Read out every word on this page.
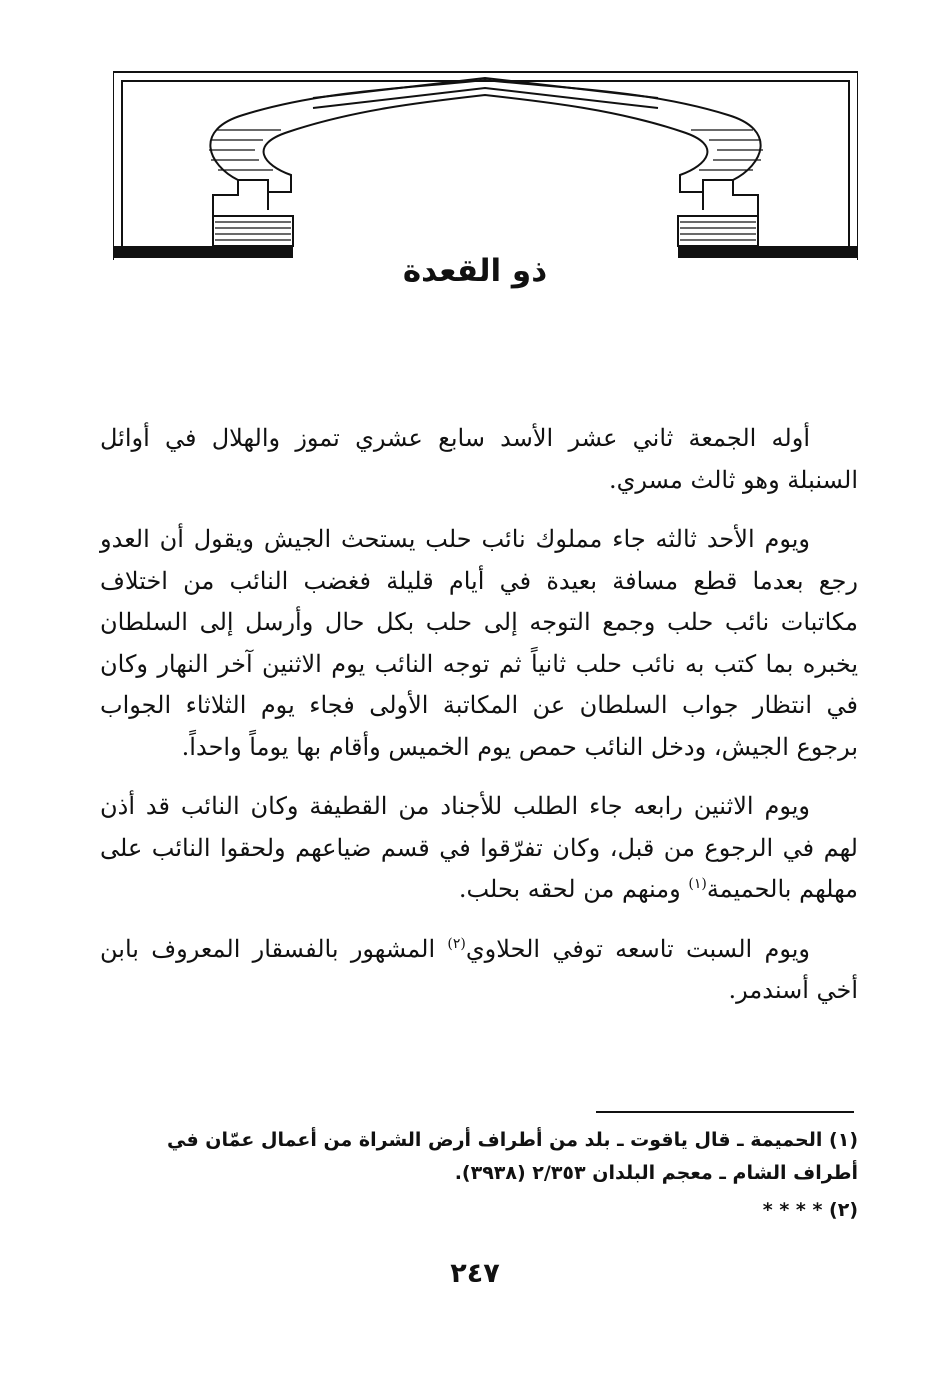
ذو القعدة

أوله الجمعة ثاني عشر الأسد سابع عشري تموز والهلال في أوائل السنبلة وهو ثالث مسري.

ويوم الأحد ثالثه جاء مملوك نائب حلب يستحث الجيش ويقول أن العدو رجع بعدما قطع مسافة بعيدة في أيام قليلة فغضب النائب من اختلاف مكاتبات نائب حلب وجمع التوجه إلى حلب بكل حال وأرسل إلى السلطان يخبره بما كتب به نائب حلب ثانياً ثم توجه النائب يوم الاثنين آخر النهار وكان في انتظار جواب السلطان عن المكاتبة الأولى فجاء يوم الثلاثاء الجواب برجوع الجيش، ودخل النائب حمص يوم الخميس وأقام بها يوماً واحداً.

ويوم الاثنين رابعه جاء الطلب للأجناد من القطيفة وكان النائب قد أذن لهم في الرجوع من قبل، وكان تفرّقوا في قسم ضياعهم ولحقوا النائب على مهلهم بالحميمة$^{(١)}$ ومنهم من لحقه بحلب.

ويوم السبت تاسعه توفي الحلاوي$^{(٢)}$ المشهور بالفسقار المعروف بابن أخي أسندمر.

(١) الحميمة ـ قال ياقوت ـ بلد من أطراف أرض الشراة من أعمال عمّان في أطراف الشام ـ معجم البلدان ٢/٣٥٣ (٣٩٣٨).
(٢) * * * *
٢٤٧
